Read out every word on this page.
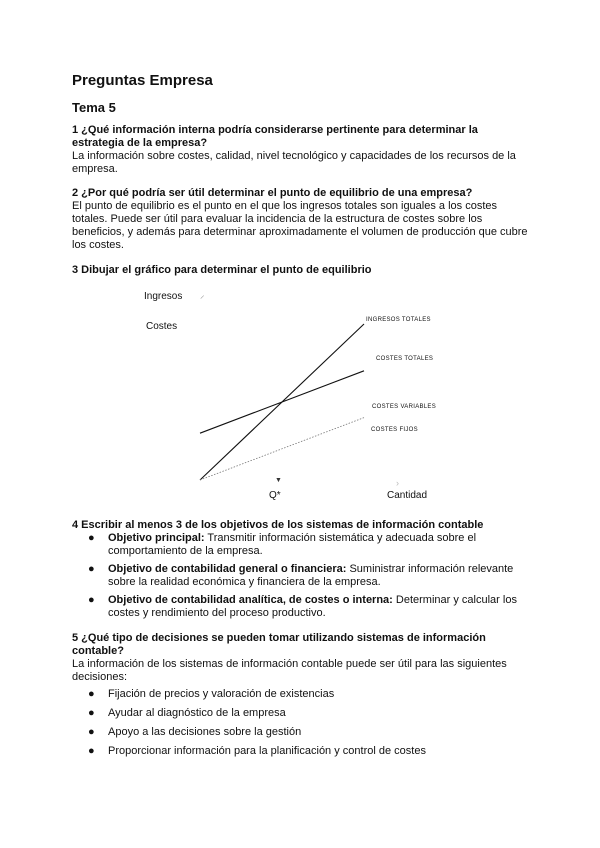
Preguntas Empresa
Tema 5
1 ¿Qué información interna podría considerarse pertinente para determinar la estrategia de la empresa?
La información sobre costes, calidad, nivel tecnológico y capacidades de los recursos de la empresa.
2 ¿Por qué podría ser útil determinar el punto de equilibrio de una empresa?
El punto de equilibrio es el punto en el que los ingresos totales son iguales a los costes totales. Puede ser útil para evaluar la incidencia de la estructura de costes sobre los beneficios, y además para determinar aproximadamente el volumen de producción que cubre los costes.
3 Dibujar el gráfico para determinar el punto de equilibrio
⸝
›
▼
Ingresos
Costes
INGRESOS TOTALES
COSTES TOTALES
COSTES VARIABLES
COSTES FIJOS
Q*	Cantidad
4 Escribir al menos 3 de los objetivos de los sistemas de información contable
● Objetivo principal: Transmitir información sistemática y adecuada sobre el comportamiento de la empresa.
● Objetivo de contabilidad general o financiera: Suministrar información relevante sobre la realidad económica y financiera de la empresa.
● Objetivo de contabilidad analítica, de costes o interna: Determinar y calcular los costes y rendimiento del proceso productivo.
5 ¿Qué tipo de decisiones se pueden tomar utilizando sistemas de información contable?
La información de los sistemas de información contable puede ser útil para las siguientes decisiones:
● Fijación de precios y valoración de existencias
● Ayudar al diagnóstico de la empresa
● Apoyo a las decisiones sobre la gestión
● Proporcionar información para la planificación y control de costes
